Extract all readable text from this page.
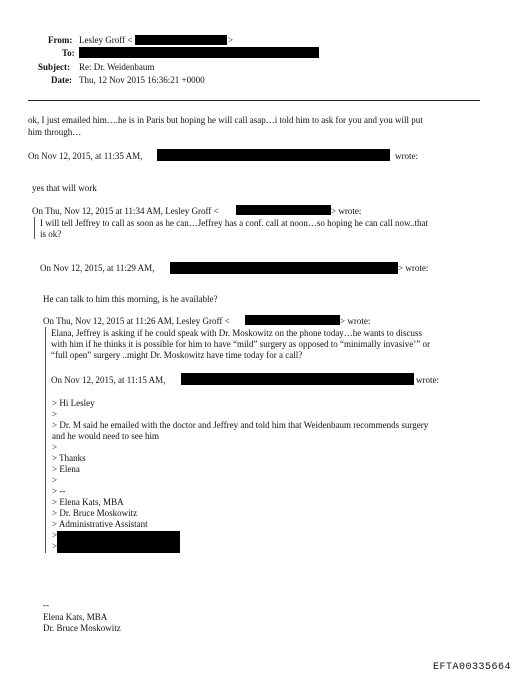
From: Lesley Groff <	>
To:
Subject: Re: Dr. Weidenbaum
Date: Thu, 12 Nov 2015 16:36:21 +0000
ok, I just emailed him….he is in Paris but hoping he will call asap…i told him to ask for you and you will put
him through…
On Nov 12, 2015, at 11:35 AM,	wrote:
yes that will work
On Thu, Nov 12, 2015 at 11:34 AM, Lesley Groff <	> wrote:
I will tell Jeffrey to call as soon as he can…Jeffrey has a conf. call at noon…so hoping he can call now..that
is ok?
On Nov 12, 2015, at 11:29 AM,	> wrote:
He can talk to him this morning, is he available?
On Thu, Nov 12, 2015 at 11:26 AM, Lesley Groff <	> wrote:
Elana, Jeffrey is asking if he could speak with Dr. Moskowitz on the phone today…he wants to discuss
with him if he thinks it is possible for him to have “mild” surgery as opposed to “minimally invasive’” or
“full open” surgery ..might Dr. Moskowitz have time today for a call?
On Nov 12, 2015, at 11:15 AM,	wrote:
> Hi Lesley
>
> Dr. M said he emailed with the doctor and Jeffrey and told him that Weidenbaum recommends surgery
and he would need to see him
>
> Thanks
> Elena
>
> --
> Elena Kats, MBA
> Dr. Bruce Moskowitz
> Administrative Assistant
>
>
--
Elena Kats, MBA
Dr. Bruce Moskowitz
EFTA00335664
